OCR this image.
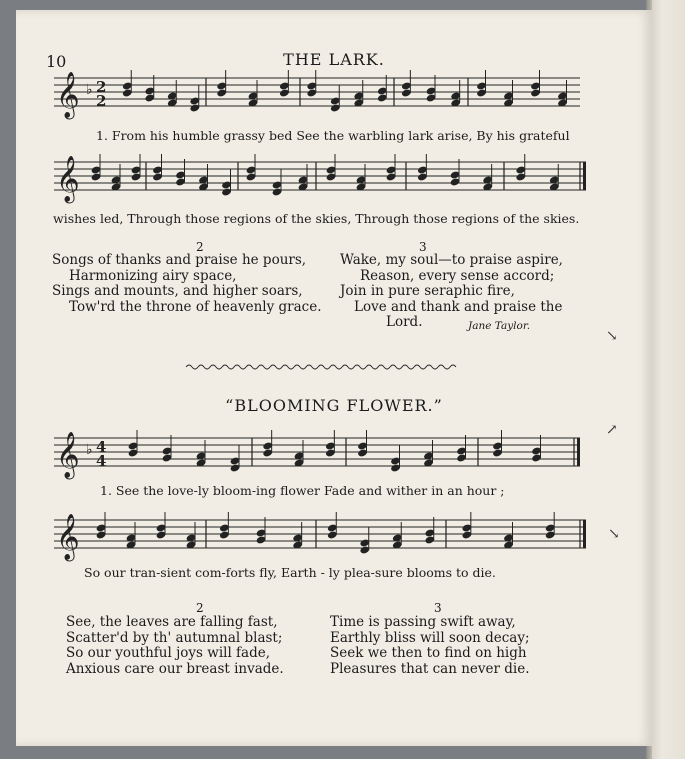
10	THE LARK.
𝄞 ♭ 2
2
𝄞
𝄞 ♭ 4
4
𝄞
1. From his humble grassy bed See the warbling lark arise, By his grateful
wishes led, Through those regions of the skies, Through those regions of the skies.
2
Songs of thanks and praise he pours,
Harmonizing airy space,
Sings and mounts, and higher soars,
Tow'rd the throne of heavenly grace.
3
Wake, my soul—to praise aspire,
Reason, every sense accord;
Join in pure seraphic fire,
Love and thank and praise the
Lord.	Jane Taylor.
“BLOOMING FLOWER.”
1. See the love-ly bloom-ing flower Fade and wither in an hour ;
So our tran-sient com-forts fly, Earth - ly plea-sure blooms to die.
2
See, the leaves are falling fast,
Scatter'd by th' autumnal blast;
So our youthful joys will fade,
Anxious care our breast invade.
3
Time is passing swift away,
Earthly bliss will soon decay;
Seek we then to find on high
Pleasures that can never die.
↘
↗
↘
